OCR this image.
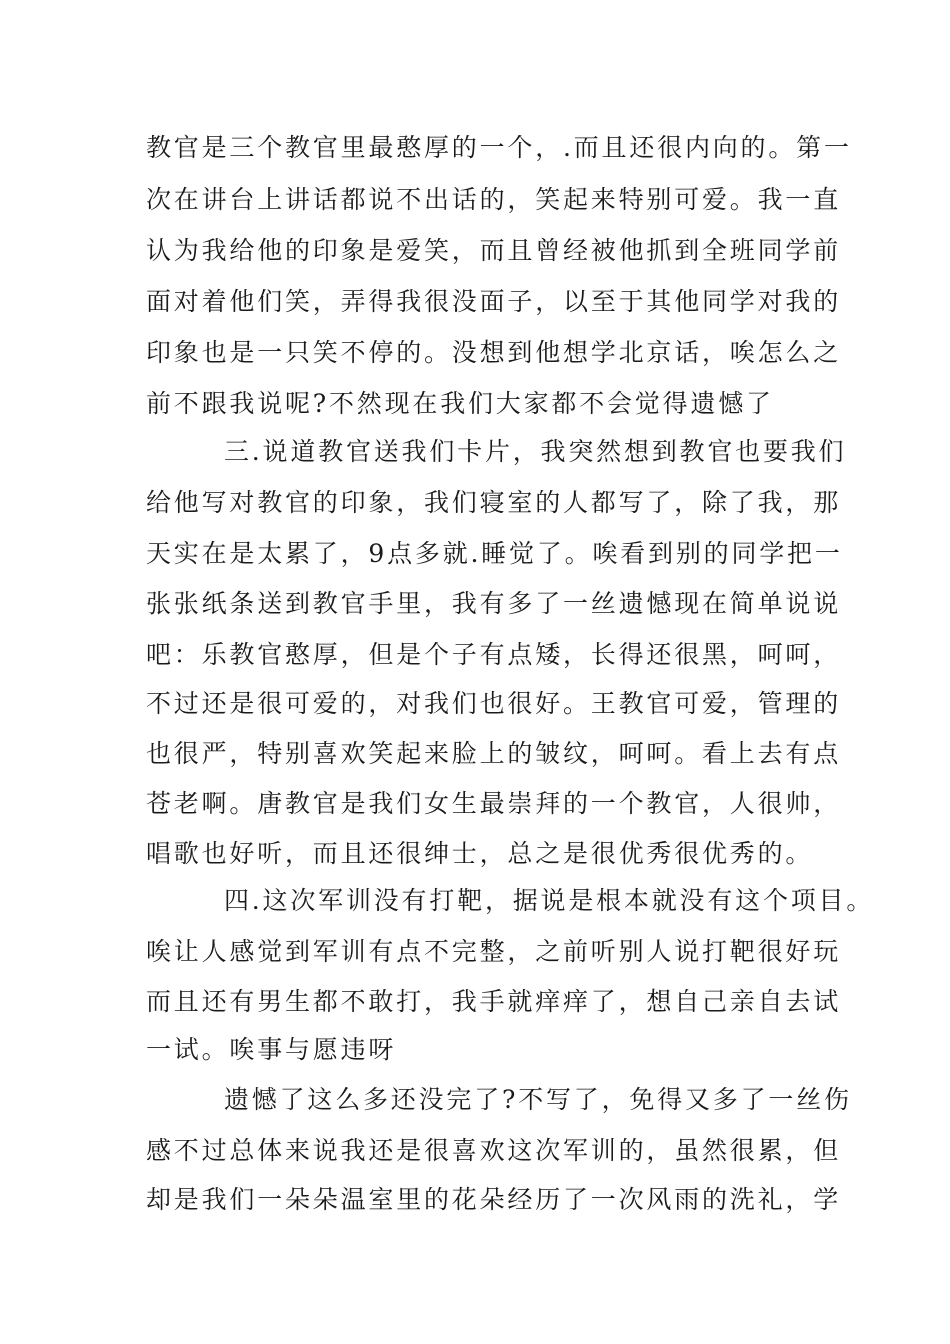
教官是三个教官里最憨厚的一个，.而且还很内向的。第一
次在讲台上讲话都说不出话的，笑起来特别可爱。我一直
认为我给他的印象是爱笑，而且曾经被他抓到全班同学前
面对着他们笑，弄得我很没面子，以至于其他同学对我的
印象也是一只笑不停的。没想到他想学北京话，唉怎么之
前不跟我说呢?不然现在我们大家都不会觉得遗憾了
三.说道教官送我们卡片，我突然想到教官也要我们
给他写对教官的印象，我们寝室的人都写了，除了我，那
天实在是太累了，9点多就.睡觉了。唉看到别的同学把一
张张纸条送到教官手里，我有多了一丝遗憾现在简单说说
吧：乐教官憨厚，但是个子有点矮，长得还很黑，呵呵，
不过还是很可爱的，对我们也很好。王教官可爱，管理的
也很严，特别喜欢笑起来脸上的皱纹，呵呵。看上去有点
苍老啊。唐教官是我们女生最崇拜的一个教官，人很帅，
唱歌也好听，而且还很绅士，总之是很优秀很优秀的。
四.这次军训没有打靶，据说是根本就没有这个项目。
唉让人感觉到军训有点不完整，之前听别人说打靶很好玩
而且还有男生都不敢打，我手就痒痒了，想自己亲自去试
一试。唉事与愿违呀
遗憾了这么多还没完了?不写了，免得又多了一丝伤
感不过总体来说我还是很喜欢这次军训的，虽然很累，但
却是我们一朵朵温室里的花朵经历了一次风雨的洗礼，学
